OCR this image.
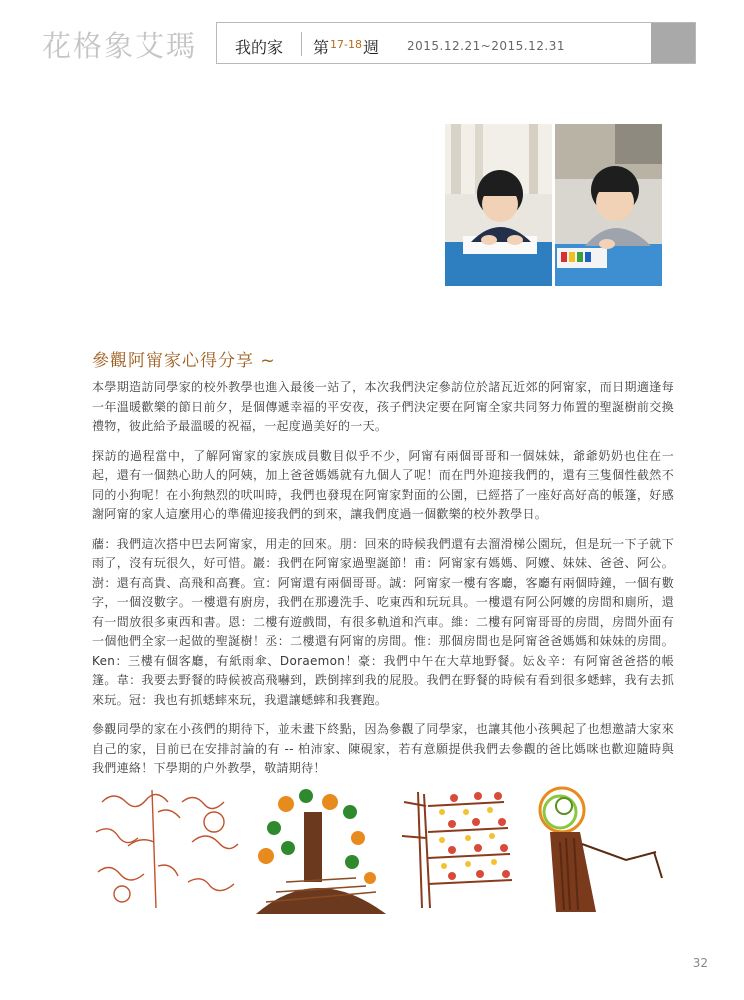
花格象艾瑪 我的家 第$^{17-18}$週 2015.12.21~2015.12.31
參觀阿甯家心得分享 ~

本學期造訪同學家的校外教學也進入最後一站了，本次我們決定參訪位於諸瓦近郊的阿甯家，而日期適逢每一年溫暖歡樂的節日前夕，是個傳遞幸福的平安夜，孩子們決定要在阿甯全家共同努力佈置的聖誕樹前交換禮物，彼此給予最溫暖的祝福，一起度過美好的一天。

探訪的過程當中，了解阿甯家的家族成員數目似乎不少，阿甯有兩個哥哥和一個妹妹，爺爺奶奶也住在一起，還有一個熱心助人的阿姨，加上爸爸媽媽就有九個人了呢！而在門外迎接我們的，還有三隻個性截然不同的小狗呢！在小狗熱烈的吠叫時，我們也發現在阿甯家對面的公園，已經搭了一座好高好高的帳篷，好感謝阿甯的家人這麼用心的準備迎接我們的到來，讓我們度過一個歡樂的校外教學日。

蘠：我們這次搭中巴去阿甯家，用走的回來。朋：回來的時候我們還有去溜滑梯公園玩，但是玩一下子就下雨了，沒有玩很久，好可惜。巖：我們在阿甯家過聖誕節！甫：阿甯家有媽媽、阿嬤、妹妹、爸爸、阿公。澍：還有高貴、高飛和高賽。宣：阿甯還有兩個哥哥。誠：阿甯家一樓有客廳，客廳有兩個時鐘，一個有數字，一個沒數字。一樓還有廚房，我們在那邊洗手、吃東西和玩玩具。一樓還有阿公阿嬤的房間和廁所，還有一間放很多東西和書。恩：二樓有遊戲間，有很多軌道和汽車。維：二樓有阿甯哥哥的房間，房間外面有一個他們全家一起做的聖誕樹！丞：二樓還有阿甯的房間。惟：那個房間也是阿甯爸爸媽媽和妹妹的房間。Ken：三樓有個客廳，有紙雨傘、Doraemon！豪：我們中午在大草地野餐。妘＆辛：有阿甯爸爸搭的帳篷。韋：我要去野餐的時候被高飛嚇到，跌倒摔到我的屁股。我們在野餐的時候有看到很多蟋蟀，我有去抓來玩。冠：我也有抓蟋蟀來玩，我還讓蟋蟀和我賽跑。

參觀同學的家在小孩們的期待下，並未畫下終點，因為參觀了同學家，也讓其他小孩興起了也想邀請大家來自己的家，目前已在安排討論的有 -- 柏沛家、陳硯家，若有意願提供我們去參觀的爸比媽咪也歡迎隨時與我們連絡！下學期的户外教學，敬請期待！

32
